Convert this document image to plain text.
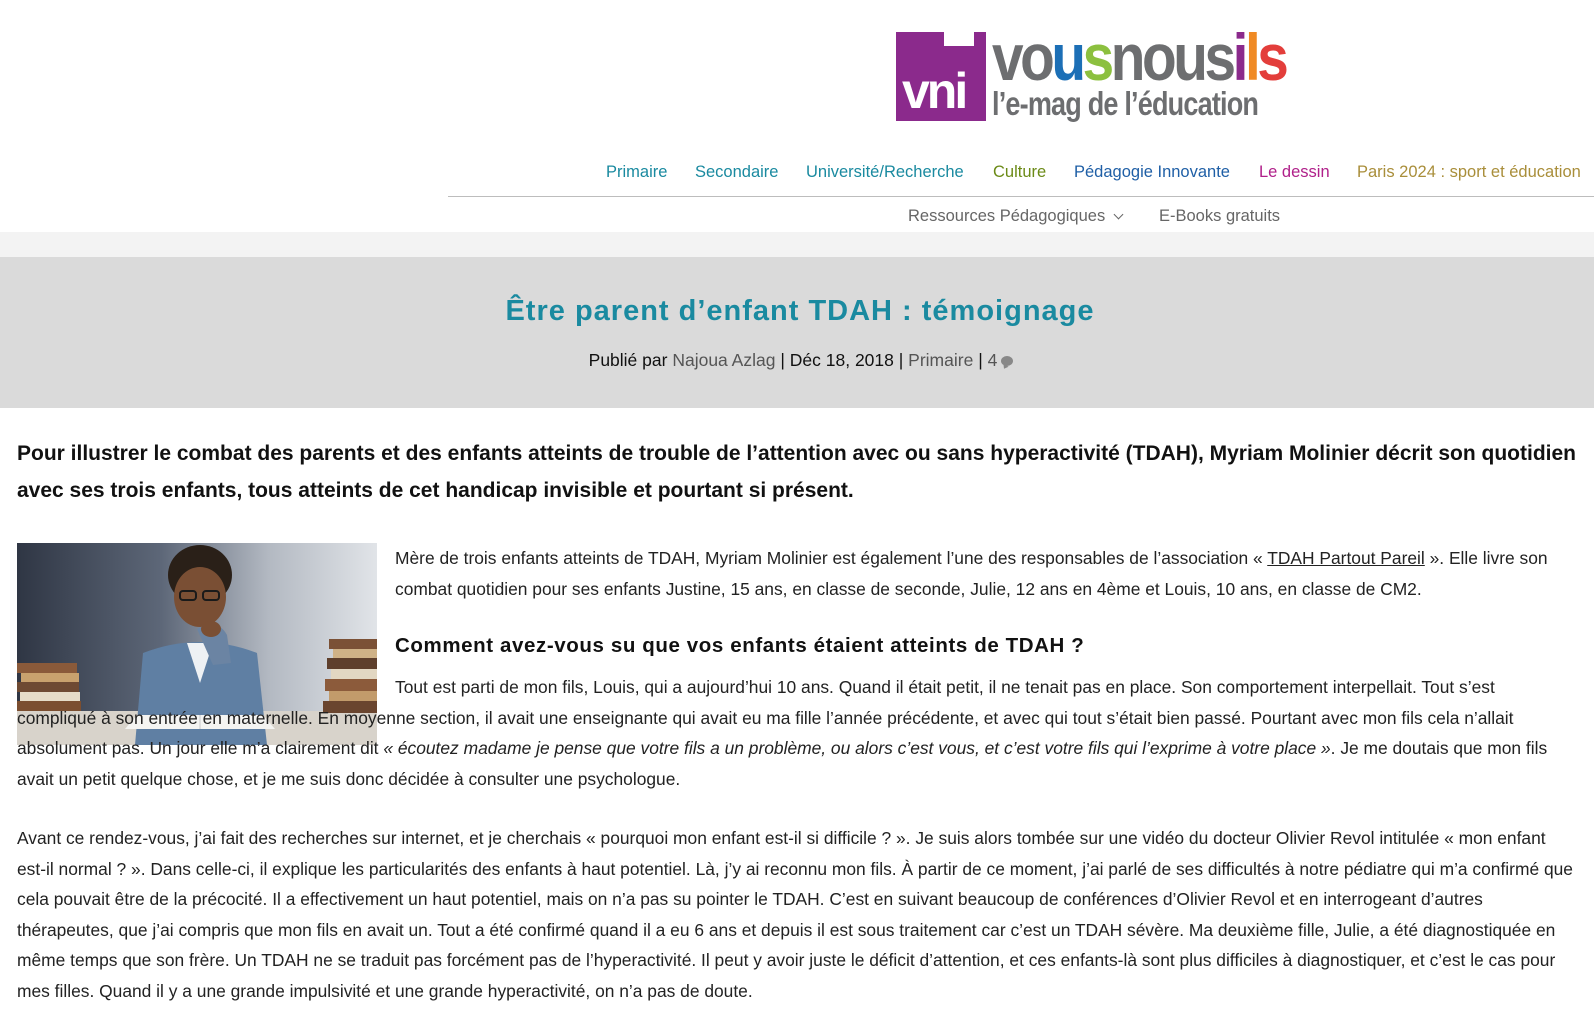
vni vousnousils
l’e-mag de l’éducation
Primaire Secondaire Université/Recherche Culture Pédagogie Innovante Le dessin Paris 2024 : sport et éducation
Ressources Pédagogiques	E-Books gratuits
Être parent d’enfant TDAH : témoignage

Publié par Najoua Azlag | Déc 18, 2018 | Primaire | 4

Pour illustrer le combat des parents et des enfants atteints de trouble de l’attention avec ou sans hyperactivité (TDAH), Myriam Molinier décrit son quotidien avec ses trois enfants, tous atteints de cet handicap invisible et pourtant si présent.

Mère de trois enfants atteints de TDAH, Myriam Molinier est également l’une des responsables de l’association « TDAH Partout Pareil ». Elle livre son combat quotidien pour ses enfants Justine, 15 ans, en classe de seconde, Julie, 12 ans en 4ème et Louis, 10 ans, en classe de CM2.

Comment avez-vous su que vos enfants étaient atteints de TDAH ?

Tout est parti de mon fils, Louis, qui a aujourd’hui 10 ans. Quand il était petit, il ne tenait pas en place. Son comportement interpellait. Tout s’est compliqué à son entrée en maternelle. En moyenne section, il avait une enseignante qui avait eu ma fille l’année précédente, et avec qui tout s’était bien passé. Pourtant avec mon fils cela n’allait absolument pas. Un jour elle m’a clairement dit « écoutez madame je pense que votre fils a un problème, ou alors c’est vous, et c’est votre fils qui l’exprime à votre place ». Je me doutais que mon fils avait un petit quelque chose, et je me suis donc décidée à consulter une psychologue.

Avant ce rendez-vous, j’ai fait des recherches sur internet, et je cherchais « pourquoi mon enfant est-il si difficile ? ». Je suis alors tombée sur une vidéo du docteur Olivier Revol intitulée « mon enfant est-il normal ? ». Dans celle-ci, il explique les particularités des enfants à haut potentiel. Là, j’y ai reconnu mon fils. À partir de ce moment, j’ai parlé de ses difficultés à notre pédiatre qui m’a confirmé que cela pouvait être de la précocité. Il a effectivement un haut potentiel, mais on n’a pas su pointer le TDAH. C’est en suivant beaucoup de conférences d’Olivier Revol et en interrogeant d’autres thérapeutes, que j’ai compris que mon fils en avait un. Tout a été confirmé quand il a eu 6 ans et depuis il est sous traitement car c’est un TDAH sévère. Ma deuxième fille, Julie, a été diagnostiquée en même temps que son frère. Un TDAH ne se traduit pas forcément pas de l’hyperactivité. Il peut y avoir juste le déficit d’attention, et ces enfants-là sont plus difficiles à diagnostiquer, et c’est le cas pour mes filles. Quand il y a une grande impulsivité et une grande hyperactivité, on n’a pas de doute.
